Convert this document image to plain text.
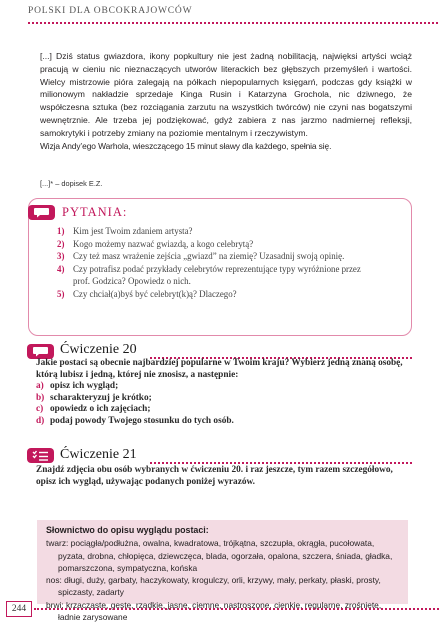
POLSKI DLA OBCOKRAJOWCÓW

[...] Dziś status gwiazdora, ikony popkultury nie jest żadną nobilitacją, najwięksi artyści wciąż pracują w cieniu nic nieznaczących utworów literackich bez głębszych przemyśleń i wartości. Wielcy mistrzowie pióra zalegają na półkach niepopularnych księgarń, podczas gdy książki w milionowym nakładzie sprzedaje Kinga Rusin i Katarzyna Grochola, nic dziwnego, że współczesna sztuka (bez rozciągania zarzutu na wszystkich twórców) nie czyni nas bogatszymi wewnętrznie. Ale trzeba jej podziękować, gdyż zabiera z nas jarzmo nadmiernej refleksji, samokrytyki i potrzeby zmiany na poziomie mentalnym i rzeczywistym.

Wizja Andy’ego Warhola, wieszczącego 15 minut sławy dla każdego, spełnia się.

[...]* – dopisek E.Z.
PYTANIA:
1) Kim jest Twoim zdaniem artysta?
2) Kogo możemy nazwać gwiazdą, a kogo celebrytą?
3) Czy też masz wrażenie zejścia „gwiazd” na ziemię? Uzasadnij swoją opinię.
4) Czy potrafisz podać przykłady celebrytów reprezentujące typy wyróżnione przez prof. Godzica? Opowiedz o nich.
5) Czy chciał(a)byś być celebryt(k)ą? Dlaczego?
Ćwiczenie 20
Jakie postaci są obecnie najbardziej popularne w Twoim kraju? Wybierz jedną znaną osobę, którą lubisz i jedną, której nie znosisz, a następnie:
a) opisz ich wygląd;
b) scharakteryzuj je krótko;
c) opowiedz o ich zajęciach;
d) podaj powody Twojego stosunku do tych osób.
Ćwiczenie 21
Znajdź zdjęcia obu osób wybranych w ćwiczeniu 20. i raz jeszcze, tym razem szczegółowo, opisz ich wygląd, używając podanych poniżej wyrazów.
Słownictwo do opisu wyglądu postaci:
twarz: pociągła/podłużna, owalna, kwadratowa, trójkątna, szczupła, okrągła, pucołowata, pyzata, drobna, chłopięca, dziewczęca, blada, ogorzała, opalona, szczera, śniada, gładka, pomarszczona, sympatyczna, końska
nos: długi, duży, garbaty, haczykowaty, krogulczy, orli, krzywy, mały, perkaty, płaski, prosty, spiczasty, zadarty
brwi: krzaczaste, gęste, rzadkie, jasne, ciemne, nastroszone, cienkie, regularne, zrośnięte, ładnie zarysowane
244
